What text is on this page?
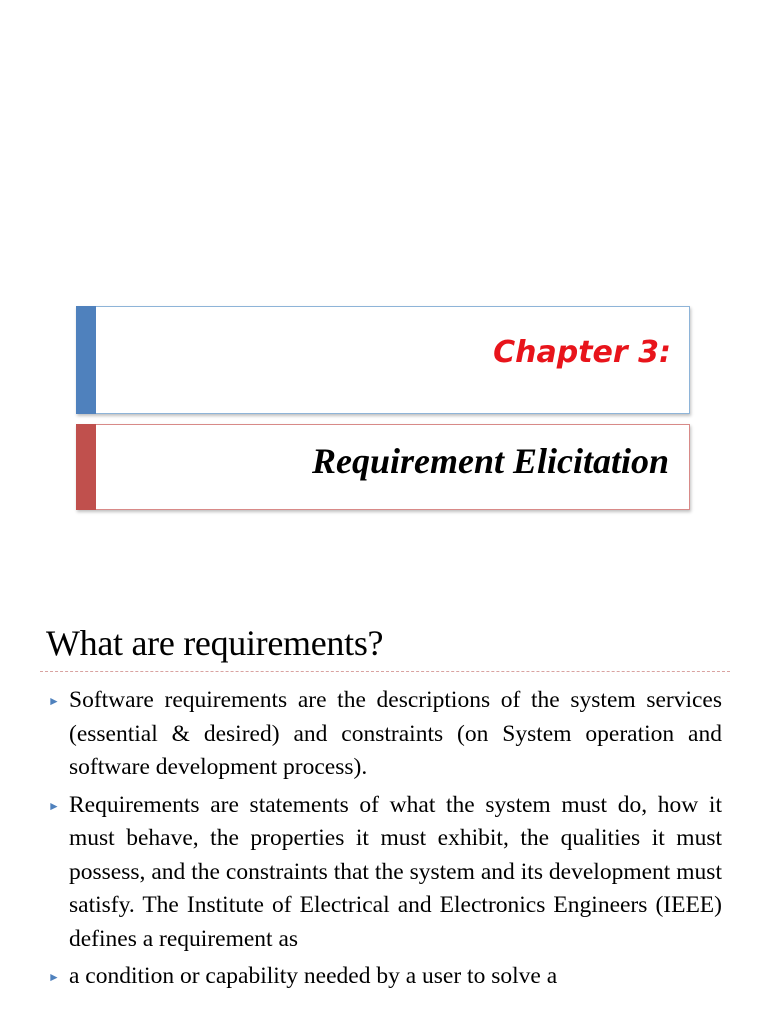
Chapter 3:
Requirement Elicitation
What are requirements?
► Software requirements are the descriptions of the system services (essential & desired) and constraints (on System operation and software development process).
► Requirements are statements of what the system must do, how it must behave, the properties it must exhibit, the qualities it must possess, and the constraints that the system and its development must satisfy. The Institute of Electrical and Electronics Engineers (IEEE) defines a requirement as
► a condition or capability needed by a user to solve a
